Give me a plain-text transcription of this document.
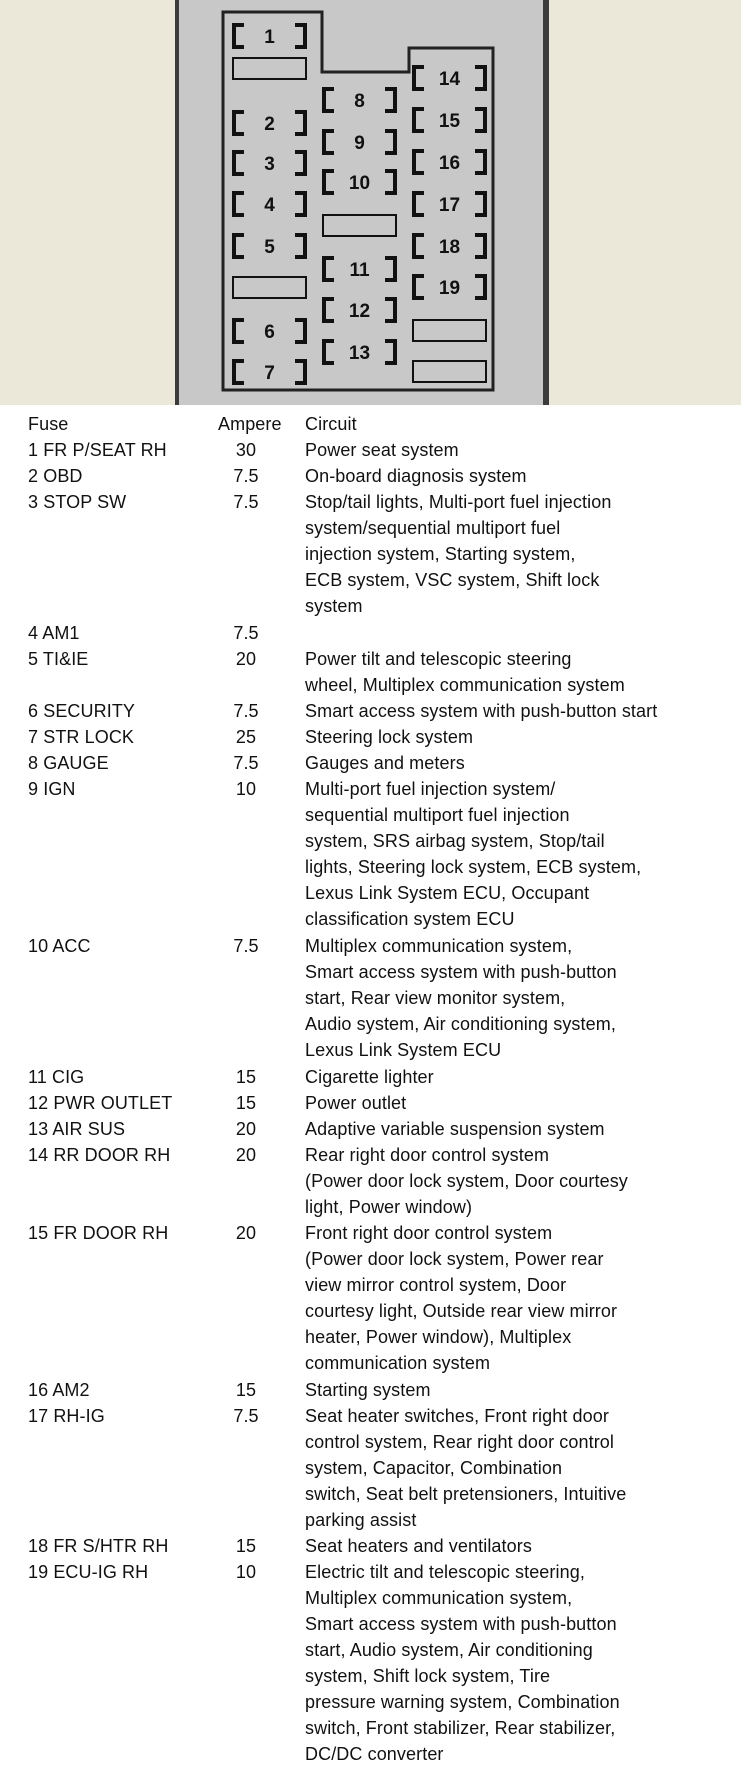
1
2
3
4
5
6
7
8
9
10
11
12
13
14
15
16
17
18
19
Fuse	Ampere Circuit
1 FR P/SEAT RH	30	Power seat system
2 OBD	7.5	On-board diagnosis system
3 STOP SW	7.5	Stop/tail lights, Multi-port fuel injection
system/sequential multiport fuel
injection system, Starting system,
ECB system, VSC system, Shift lock
system
4 AM1	7.5
5 TI&IE	20	Power tilt and telescopic steering
wheel, Multiplex communication system
6 SECURITY	7.5	Smart access system with push-button start
7 STR LOCK	25	Steering lock system
8 GAUGE	7.5	Gauges and meters
9 IGN	10	Multi-port fuel injection system/
sequential multiport fuel injection
system, SRS airbag system, Stop/tail
lights, Steering lock system, ECB system,
Lexus Link System ECU, Occupant
classification system ECU
10 ACC	7.5	Multiplex communication system,
Smart access system with push-button
start, Rear view monitor system,
Audio system, Air conditioning system,
Lexus Link System ECU
11 CIG	15	Cigarette lighter
12 PWR OUTLET	15	Power outlet
13 AIR SUS	20	Adaptive variable suspension system
14 RR DOOR RH	20	Rear right door control system
(Power door lock system, Door courtesy
light, Power window)
15 FR DOOR RH	20	Front right door control system
(Power door lock system, Power rear
view mirror control system, Door
courtesy light, Outside rear view mirror
heater, Power window), Multiplex
communication system
16 AM2	15	Starting system
17 RH-IG	7.5	Seat heater switches, Front right door
control system, Rear right door control
system, Capacitor, Combination
switch, Seat belt pretensioners, Intuitive
parking assist
18 FR S/HTR RH	15	Seat heaters and ventilators
19 ECU-IG RH	10	Electric tilt and telescopic steering,
Multiplex communication system,
Smart access system with push-button
start, Audio system, Air conditioning
system, Shift lock system, Tire
pressure warning system, Combination
switch, Front stabilizer, Rear stabilizer,
DC/DC converter
